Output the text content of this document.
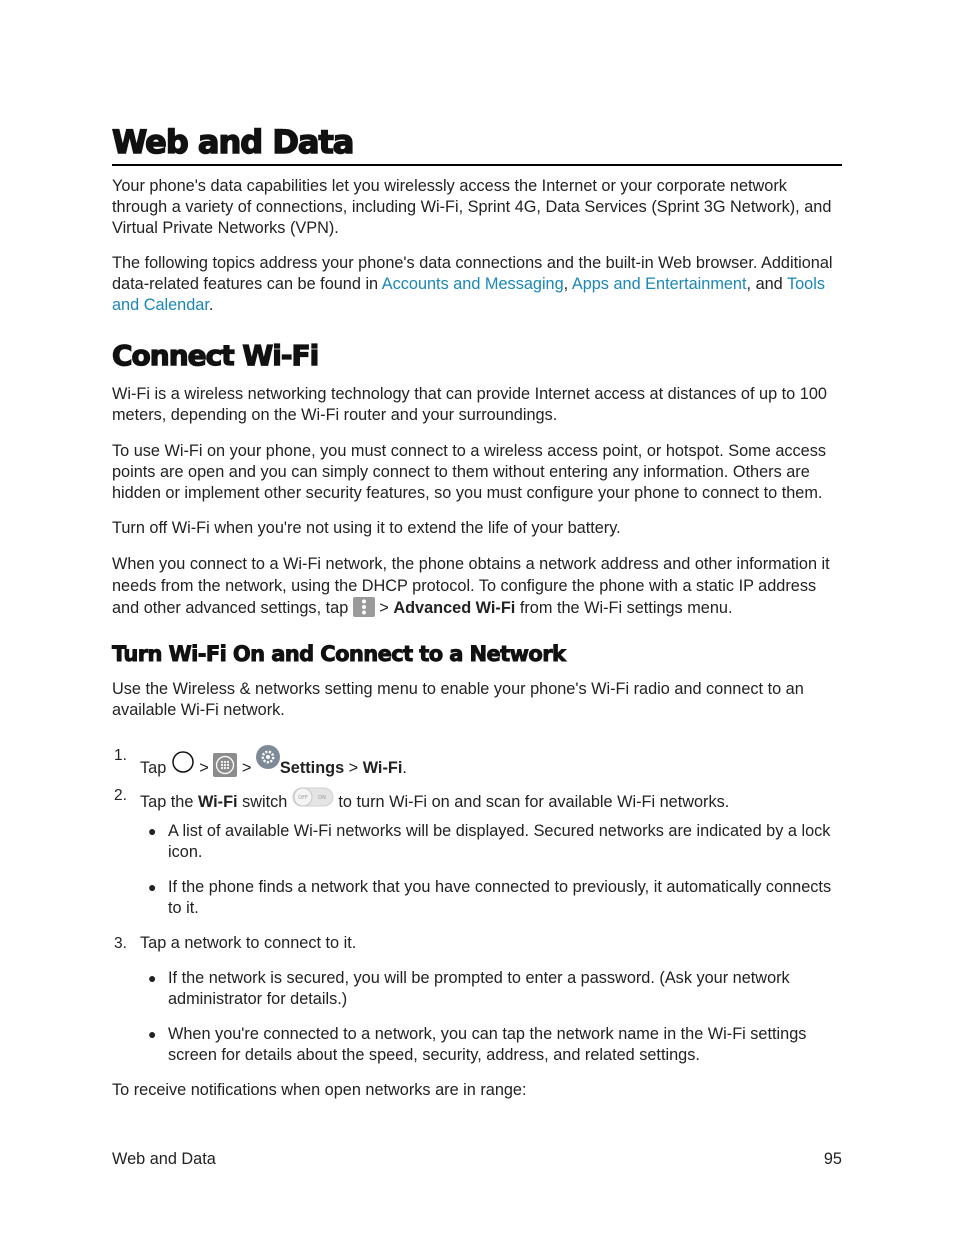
Web and Data

Your phone's data capabilities let you wirelessly access the Internet or your corporate network through a variety of connections, including Wi-Fi, Sprint 4G, Data Services (Sprint 3G Network), and Virtual Private Networks (VPN).

The following topics address your phone's data connections and the built-in Web browser. Additional data-related features can be found in Accounts and Messaging, Apps and Entertainment, and Tools and Calendar.

Connect Wi-Fi

Wi-Fi is a wireless networking technology that can provide Internet access at distances of up to 100 meters, depending on the Wi-Fi router and your surroundings.

To use Wi-Fi on your phone, you must connect to a wireless access point, or hotspot. Some access points are open and you can simply connect to them without entering any information. Others are hidden or implement other security features, so you must configure your phone to connect to them.

Turn off Wi-Fi when you're not using it to extend the life of your battery.

When you connect to a Wi-Fi network, the phone obtains a network address and other information it needs from the network, using the DHCP protocol. To configure the phone with a static IP address and other advanced settings, tap  > Advanced Wi-Fi from the Wi-Fi settings menu.

Turn Wi-Fi On and Connect to a Network

Use the Wireless & networks setting menu to enable your phone's Wi-Fi radio and connect to an available Wi-Fi network.

1.
Tap  >  > Settings > Wi-Fi.
2. Tap the Wi-Fi switch OFF ON to turn Wi-Fi on and scan for available Wi-Fi networks.
● A list of available Wi-Fi networks will be displayed. Secured networks are indicated by a lock icon.

● If the phone finds a network that you have connected to previously, it automatically connects to it.

3. Tap a network to connect to it.
● If the network is secured, you will be prompted to enter a password. (Ask your network administrator for details.)

● When you're connected to a network, you can tap the network name in the Wi-Fi settings screen for details about the speed, security, address, and related settings.

To receive notifications when open networks are in range:

Web and Data	95
